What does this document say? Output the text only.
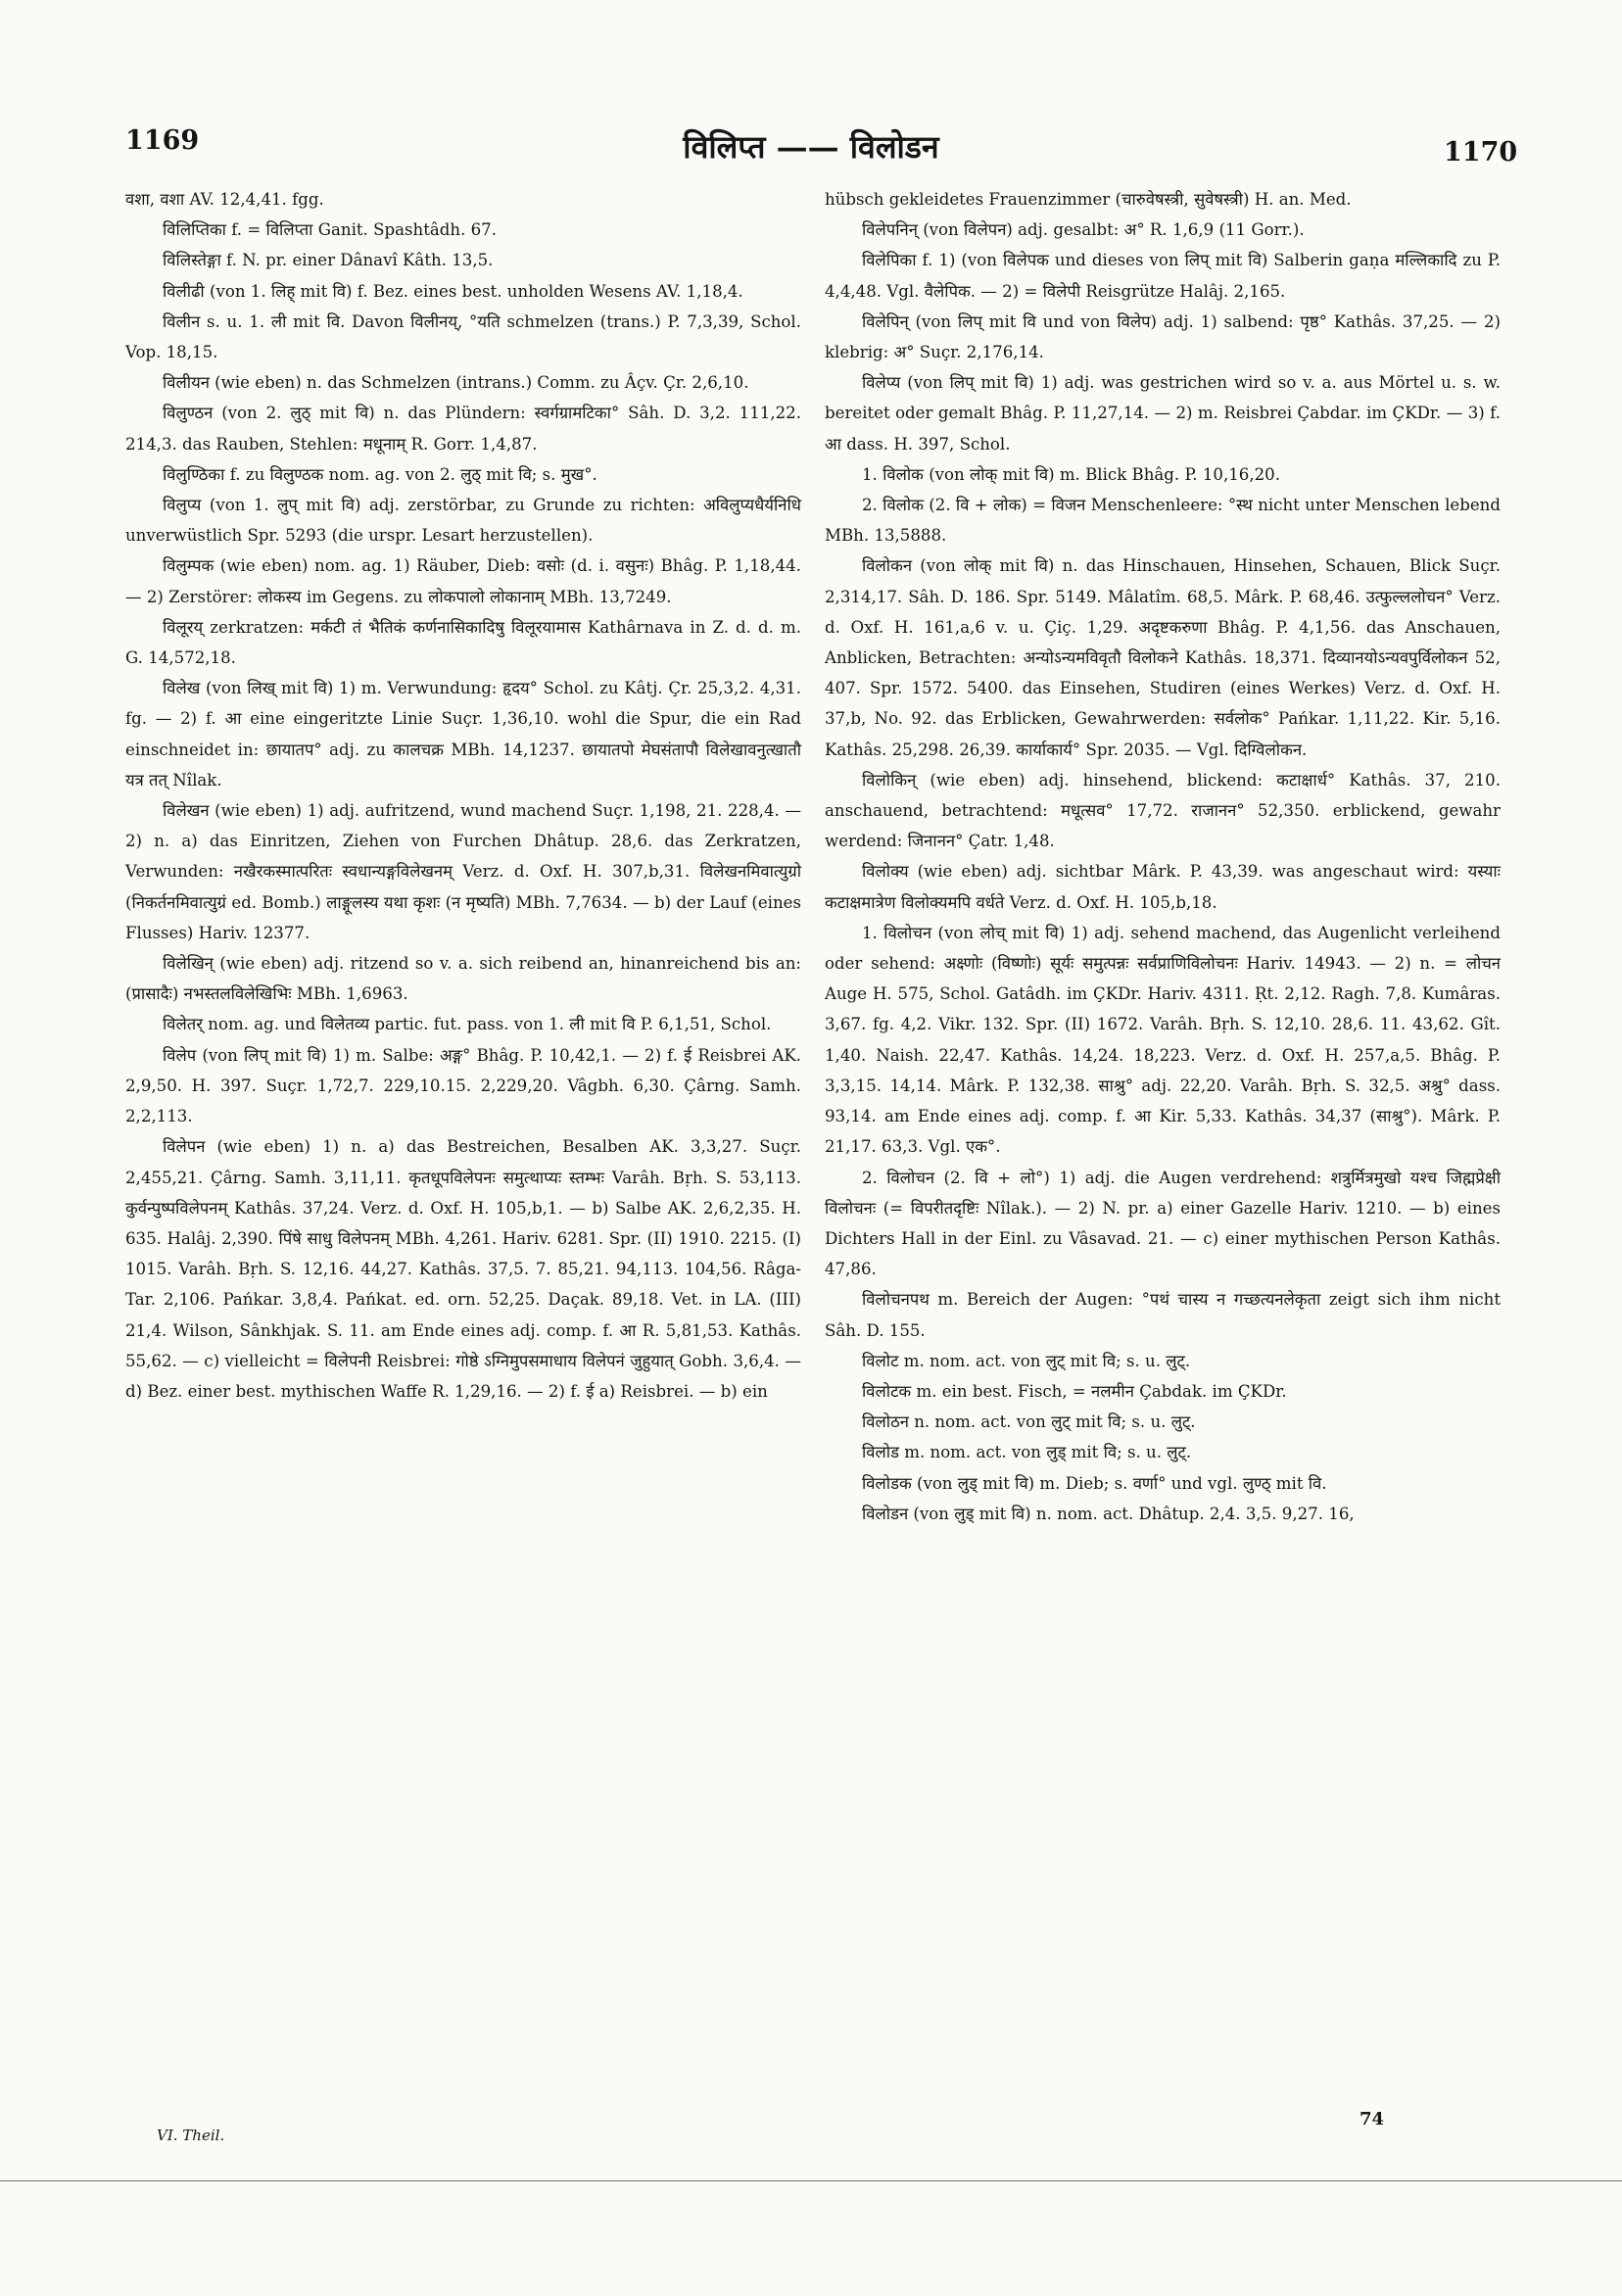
1169	विलिप्त —— विलोडन	1170

वशा, वशा AV. 12,4,41. fgg.

विलिप्तिका f. = विलिप्ता Ganit. Spashtâdh. 67.

विलिस्तेङ्गा f. N. pr. einer Dânavî Kâth. 13,5.

विलीढी (von 1. लिह् mit वि) f. Bez. eines best. unholden Wesens AV. 1,18,4.

विलीन s. u. 1. ली mit वि. Davon विलीनय्, °यति schmelzen (trans.) P. 7,3,39, Schol. Vop. 18,15.

विलीयन (wie eben) n. das Schmelzen (intrans.) Comm. zu Âçv. Çr. 2,6,10.

विलुण्ठन (von 2. लुठ् mit वि) n. das Plündern: स्वर्गग्रामटिका° Sâh. D. 3,2. 111,22. 214,3. das Rauben, Stehlen: मधूनाम् R. Gorr. 1,4,87.

विलुण्ठिका f. zu विलुण्ठक nom. ag. von 2. लुठ् mit वि; s. मुख°.

विलुप्य (von 1. लुप् mit वि) adj. zerstörbar, zu Grunde zu richten: अविलुप्यधैर्यनिधि unverwüstlich Spr. 5293 (die urspr. Lesart herzustellen).

विलुम्पक (wie eben) nom. ag. 1) Räuber, Dieb: वसोः (d. i. वसुनः) Bhâg. P. 1,18,44. — 2) Zerstörer: लोकस्य im Gegens. zu लोकपालो लोकानाम् MBh. 13,7249.

विलूरय् zerkratzen: मर्कटी तं भैतिकं कर्णनासिकादिषु विलूरयामास Kathârnava in Z. d. d. m. G. 14,572,18.

विलेख (von लिख् mit वि) 1) m. Verwundung: हृदय° Schol. zu Kâtj. Çr. 25,3,2. 4,31. fg. — 2) f. आ eine eingeritzte Linie Suçr. 1,36,10. wohl die Spur, die ein Rad einschneidet in: छायातप° adj. zu कालचक्र MBh. 14,1237. छायातपो मेघसंतापौ विलेखावनुत्खातौ यत्र तत् Nîlak.

विलेखन (wie eben) 1) adj. aufritzend, wund machend Suçr. 1,198, 21. 228,4. — 2) n. a) das Einritzen, Ziehen von Furchen Dhâtup. 28,6. das Zerkratzen, Verwunden: नखैरकस्मात्परितः स्वधान्यङ्गविलेखनम् Verz. d. Oxf. H. 307,b,31. विलेखनमिवात्युग्रो (निकर्तनमिवात्युग्रं ed. Bomb.) लाङ्गूलस्य यथा कृशः (न मृष्यति) MBh. 7,7634. — b) der Lauf (eines Flusses) Hariv. 12377.

विलेखिन् (wie eben) adj. ritzend so v. a. sich reibend an, hinanreichend bis an: (प्रासादैः) नभस्तलविलेखिभिः MBh. 1,6963.

विलेतर् nom. ag. und विलेतव्य partic. fut. pass. von 1. ली mit वि P. 6,1,51, Schol.

विलेप (von लिप् mit वि) 1) m. Salbe: अङ्ग° Bhâg. P. 10,42,1. — 2) f. ई Reisbrei AK. 2,9,50. H. 397. Suçr. 1,72,7. 229,10.15. 2,229,20. Vâgbh. 6,30. Çârng. Samh. 2,2,113.

विलेपन (wie eben) 1) n. a) das Bestreichen, Besalben AK. 3,3,27. Suçr. 2,455,21. Çârng. Samh. 3,11,11. कृतधूपविलेपनः समुत्थाप्यः स्तम्भः Varâh. Bṛh. S. 53,113. कुर्वन्पुष्पविलेपनम् Kathâs. 37,24. Verz. d. Oxf. H. 105,b,1. — b) Salbe AK. 2,6,2,35. H. 635. Halâj. 2,390. पिंषे साधु विलेपनम् MBh. 4,261. Hariv. 6281. Spr. (II) 1910. 2215. (I) 1015. Varâh. Bṛh. S. 12,16. 44,27. Kathâs. 37,5. 7. 85,21. 94,113. 104,56. Râga-Tar. 2,106. Pańkar. 3,8,4. Pańkat. ed. orn. 52,25. Daçak. 89,18. Vet. in LA. (III) 21,4. Wilson, Sânkhjak. S. 11. am Ende eines adj. comp. f. आ R. 5,81,53. Kathâs. 55,62. — c) vielleicht = विलेपनी Reisbrei: गोष्ठे ऽग्निमुपसमाधाय विलेपनं जुहुयात् Gobh. 3,6,4. — d) Bez. einer best. mythischen Waffe R. 1,29,16. — 2) f. ई a) Reisbrei. — b) ein

hübsch gekleidetes Frauenzimmer (चारुवेषस्त्री, सुवेषस्त्री) H. an. Med.

विलेपनिन् (von विलेपन) adj. gesalbt: अ° R. 1,6,9 (11 Gorr.).

विलेपिका f. 1) (von विलेपक und dieses von लिप् mit वि) Salberin gaṇa मल्लिकादि zu P. 4,4,48. Vgl. वैलेपिक. — 2) = विलेपी Reisgrütze Halâj. 2,165.

विलेपिन् (von लिप् mit वि und von विलेप) adj. 1) salbend: पृष्ठ° Kathâs. 37,25. — 2) klebrig: अ° Suçr. 2,176,14.

विलेप्य (von लिप् mit वि) 1) adj. was gestrichen wird so v. a. aus Mörtel u. s. w. bereitet oder gemalt Bhâg. P. 11,27,14. — 2) m. Reisbrei Çabdar. im ÇKDr. — 3) f. आ dass. H. 397, Schol.

1. विलोक (von लोक् mit वि) m. Blick Bhâg. P. 10,16,20.

2. विलोक (2. वि + लोक) = विजन Menschenleere: °स्थ nicht unter Menschen lebend MBh. 13,5888.

विलोकन (von लोक् mit वि) n. das Hinschauen, Hinsehen, Schauen, Blick Suçr. 2,314,17. Sâh. D. 186. Spr. 5149. Mâlatîm. 68,5. Mârk. P. 68,46. उत्फुल्ललोचन° Verz. d. Oxf. H. 161,a,6 v. u. Çiç. 1,29. अदृष्टकरुणा Bhâg. P. 4,1,56. das Anschauen, Anblicken, Betrachten: अन्योऽन्यमविवृतौ विलोकने Kathâs. 18,371. दिव्यानयोऽन्यवपुर्विलोकन 52, 407. Spr. 1572. 5400. das Einsehen, Studiren (eines Werkes) Verz. d. Oxf. H. 37,b, No. 92. das Erblicken, Gewahrwerden: सर्वलोक° Pańkar. 1,11,22. Kir. 5,16. Kathâs. 25,298. 26,39. कार्याकार्य° Spr. 2035. — Vgl. दिग्विलोकन.

विलोकिन् (wie eben) adj. hinsehend, blickend: कटाक्षार्ध° Kathâs. 37, 210. anschauend, betrachtend: मधूत्सव° 17,72. राजानन° 52,350. erblickend, gewahr werdend: जिनानन° Çatr. 1,48.

विलोक्य (wie eben) adj. sichtbar Mârk. P. 43,39. was angeschaut wird: यस्याः कटाक्षमात्रेण विलोक्यमपि वर्धते Verz. d. Oxf. H. 105,b,18.

1. विलोचन (von लोच् mit वि) 1) adj. sehend machend, das Augenlicht verleihend oder sehend: अक्ष्णोः (विष्णोः) सूर्यः समुत्पन्नः सर्वप्राणिविलोचनः Hariv. 14943. — 2) n. = लोचन Auge H. 575, Schol. Gatâdh. im ÇKDr. Hariv. 4311. Ṛt. 2,12. Ragh. 7,8. Kumâras. 3,67. fg. 4,2. Vikr. 132. Spr. (II) 1672. Varâh. Bṛh. S. 12,10. 28,6. 11. 43,62. Gît. 1,40. Naish. 22,47. Kathâs. 14,24. 18,223. Verz. d. Oxf. H. 257,a,5. Bhâg. P. 3,3,15. 14,14. Mârk. P. 132,38. साश्रु° adj. 22,20. Varâh. Bṛh. S. 32,5. अश्रु° dass. 93,14. am Ende eines adj. comp. f. आ Kir. 5,33. Kathâs. 34,37 (साश्रु°). Mârk. P. 21,17. 63,3. Vgl. एक°.

2. विलोचन (2. वि + लो°) 1) adj. die Augen verdrehend: शत्रुर्मित्रमुखो यश्च जिह्मप्रेक्षी विलोचनः (= विपरीतदृष्टिः Nîlak.). — 2) N. pr. a) einer Gazelle Hariv. 1210. — b) eines Dichters Hall in der Einl. zu Vâsavad. 21. — c) einer mythischen Person Kathâs. 47,86.

विलोचनपथ m. Bereich der Augen: °पथं चास्य न गच्छत्यनलेकृता zeigt sich ihm nicht Sâh. D. 155.

विलोट m. nom. act. von लुट् mit वि; s. u. लुट्.

विलोटक m. ein best. Fisch, = नलमीन Çabdak. im ÇKDr.

विलोठन n. nom. act. von लुट् mit वि; s. u. लुट्.

विलोड m. nom. act. von लुड् mit वि; s. u. लुट्.

विलोडक (von लुड् mit वि) m. Dieb; s. वर्णा° und vgl. लुण्ठ् mit वि.

विलोडन (von लुड् mit वि) n. nom. act. Dhâtup. 2,4. 3,5. 9,27. 16,

VI. Theil.
74
